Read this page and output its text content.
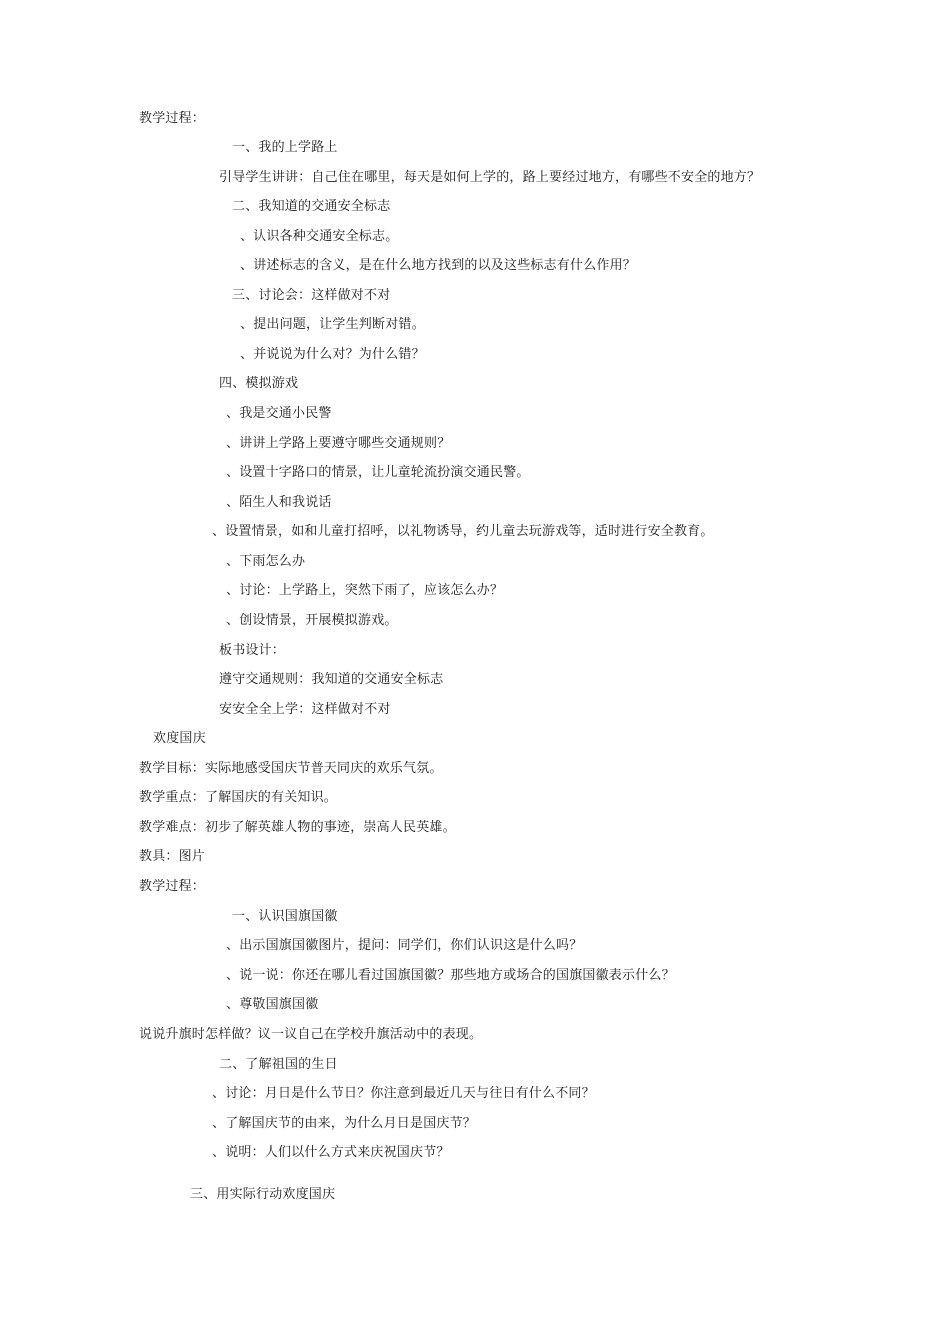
教学过程：
一、我的上学路上
引导学生讲讲：自己住在哪里，每天是如何上学的，路上要经过地方，有哪些不安全的地方？
二、我知道的交通安全标志
、认识各种交通安全标志。
、讲述标志的含义，是在什么地方找到的以及这些标志有什么作用？
三、讨论会：这样做对不对
、提出问题，让学生判断对错。
、并说说为什么对？为什么错？
四、模拟游戏
、我是交通小民警
、讲讲上学路上要遵守哪些交通规则？
、设置十字路口的情景，让儿童轮流扮演交通民警。
、陌生人和我说话
、设置情景，如和儿童打招呼，以礼物诱导，约儿童去玩游戏等，适时进行安全教育。
、下雨怎么办
、讨论：上学路上，突然下雨了，应该怎么办？
、创设情景，开展模拟游戏。
板书设计：
遵守交通规则：我知道的交通安全标志
安安全全上学：这样做对不对
欢度国庆
教学目标：实际地感受国庆节普天同庆的欢乐气氛。
教学重点：了解国庆的有关知识。
教学难点：初步了解英雄人物的事迹，崇高人民英雄。
教具：图片
教学过程：
一、认识国旗国徽
、出示国旗国徽图片，提问：同学们，你们认识这是什么吗？
、说一说：你还在哪儿看过国旗国徽？那些地方或场合的国旗国徽表示什么？
、尊敬国旗国徽
说说升旗时怎样做？议一议自己在学校升旗活动中的表现。
二、了解祖国的生日
、讨论：月日是什么节日？你注意到最近几天与往日有什么不同？
、了解国庆节的由来，为什么月日是国庆节？
、说明：人们以什么方式来庆祝国庆节？
三、用实际行动欢度国庆
